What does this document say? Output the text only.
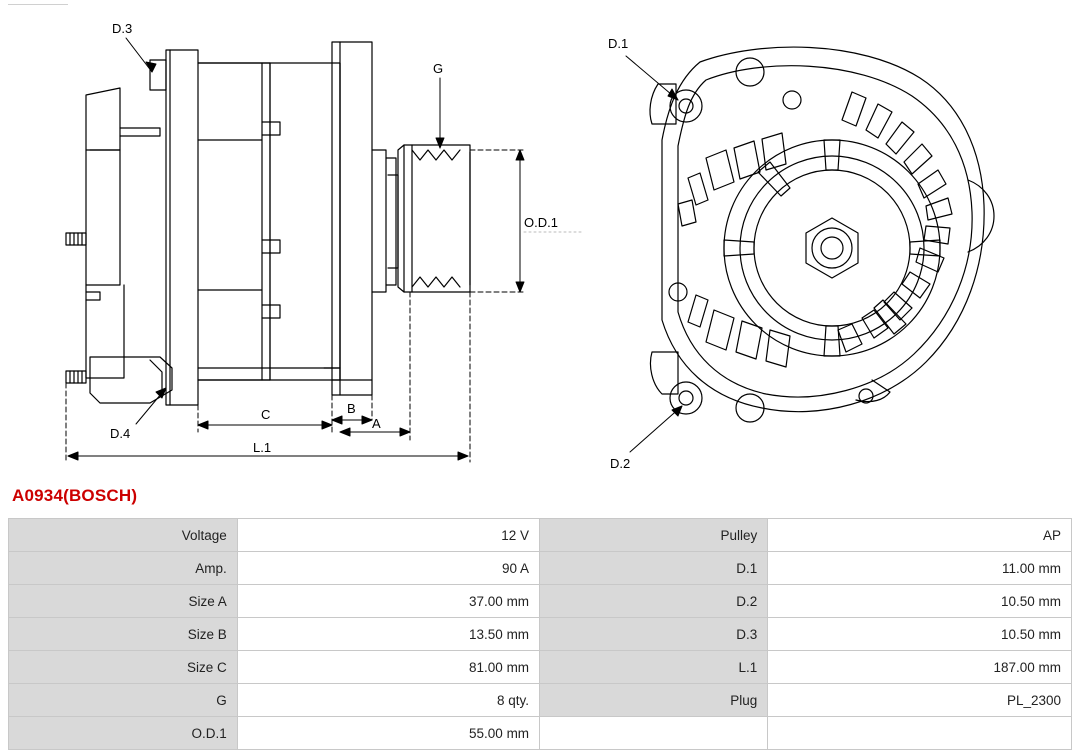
D.3
D.4
G
O.D.1
A
B
C
L.1
D.1
D.2
A0934(BOSCH)
Voltage	12 V	Pulley	AP
Amp.	90 A	D.1	11.00 mm
Size A	37.00 mm	D.2	10.50 mm
Size B	13.50 mm	D.3	10.50 mm
Size C	81.00 mm	L.1	187.00 mm
G	8 qty.	Plug	PL_2300
O.D.1	55.00 mm		
